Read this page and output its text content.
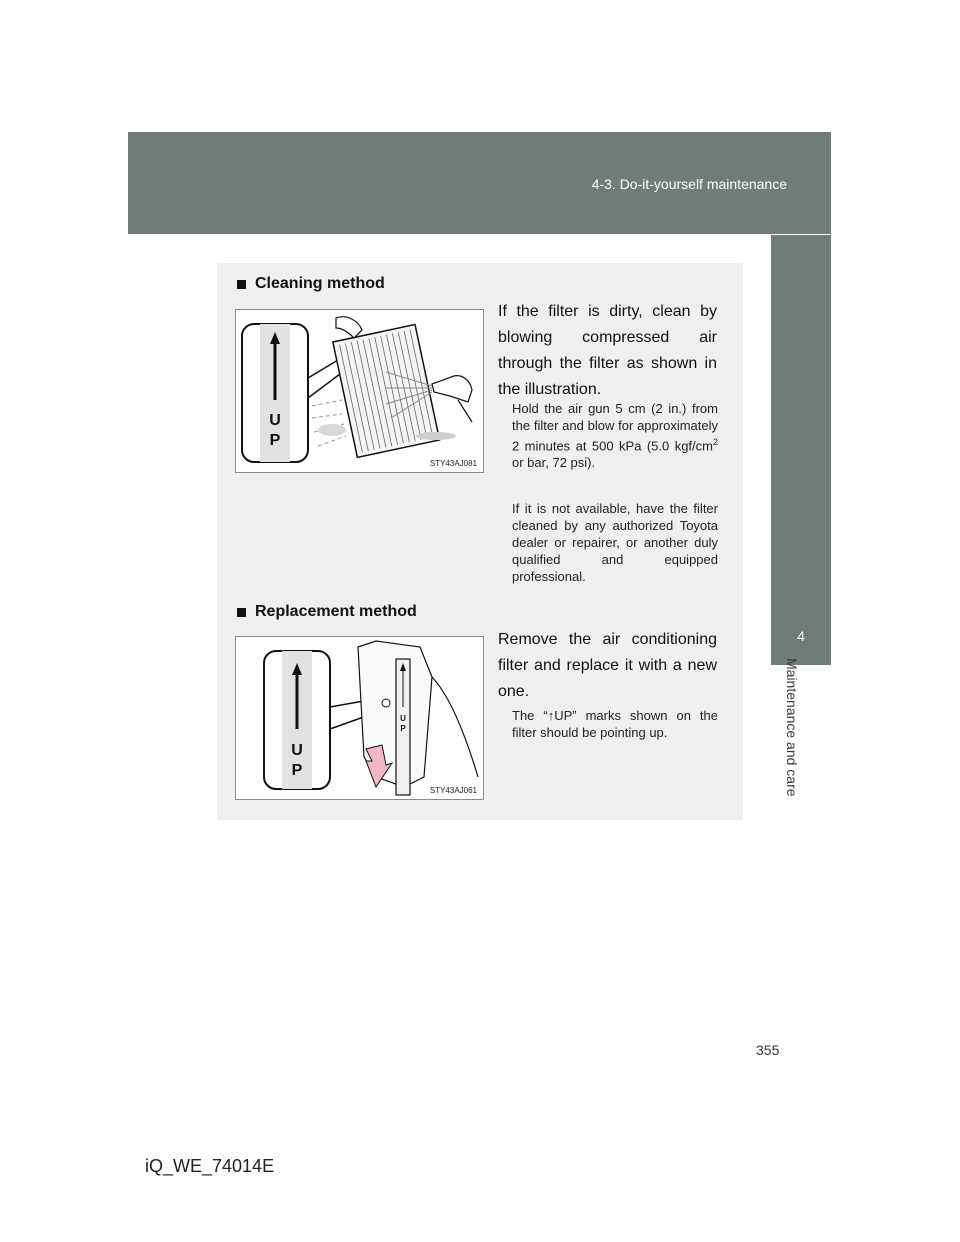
4-3. Do-it-yourself maintenance
4
Maintenance and care
Cleaning method
U
P
STY43AJ081
If the filter is dirty, clean by blowing compressed air through the filter as shown in the illustration.
Hold the air gun 5 cm (2 in.) from the filter and blow for approximately 2 minutes at 500 kPa (5.0 kgf/$cm^2$ or bar, 72 psi).
If it is not available, have the filter cleaned by any authorized Toyota dealer or repairer, or another duly qualified and equipped professional.
Replacement method
U
P
U
P
STY43AJ061
Remove the air conditioning filter and replace it with a new one.
The “↑UP” marks shown on the filter should be pointing up.
355
iQ_WE_74014E
